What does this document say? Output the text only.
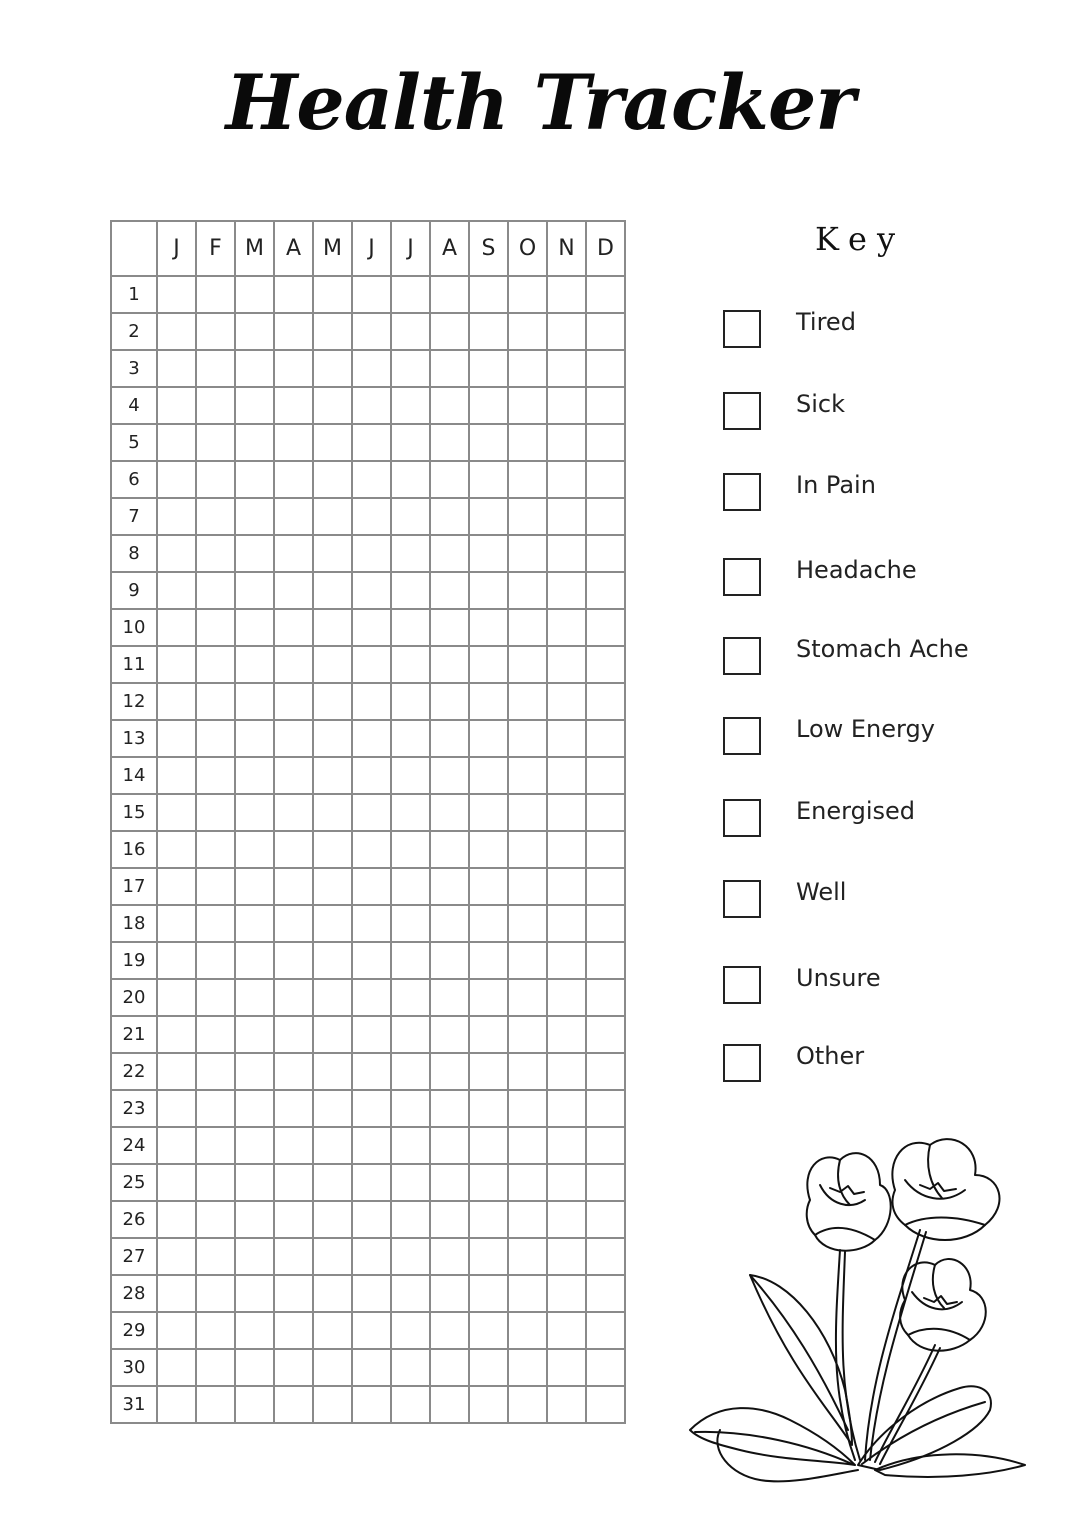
Health Tracker
	J	F	M	A	M	J	J	A	S	O	N	D
1												
2												
3												
4												
5												
6												
7												
8												
9												
10												
11												
12												
13												
14												
15												
16												
17												
18												
19												
20												
21												
22												
23												
24												
25												
26												
27												
28												
29												
30												
31												
Key
Tired
Sick
In Pain
Headache
Stomach Ache
Low Energy
Energised
Well
Unsure
Other
